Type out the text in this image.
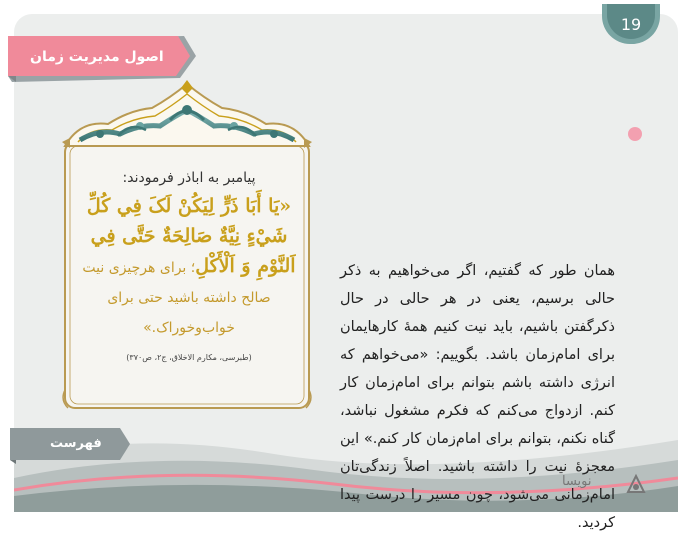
19
اصول مدیریت زمان
پیامبر به اباذر فرمودند:
«یَا أَبَا ذَرٍّ لِیَکُنْ لَکَ فِي کُلِّ شَيْءٍ نِیَّةٌ صَالِحَةٌ حَتَّی فِي اَلنَّوْمِ وَ اَلْأَکْلِ؛ برای هرچیزی نیت صالح داشته باشید حتی برای خواب‌وخوراک.»
(طبرسی، مکارم الاخلاق، ج۲، ص۳۷۰)
فهرست
همان طور که گفتیم، اگر می‌خواهیم به ذکر حالی برسیم، یعنی در هر حالی در حال ذکرگفتن باشیم، باید نیت کنیم همهٔ کارهایمان برای امام‌زمان باشد. بگوییم: «می‌خواهم که انرژی داشته باشم بتوانم برای امام‌زمان کار کنم. ازدواج می‌کنم که فکرم مشغول نباشد، گناه نکنم، بتوانم برای امام‌زمان کار کنم.» این معجزهٔ نیت را داشته باشید. اصلاً زندگی‌تان امام‌زمانی می‌شود، چون مسیر را درست پیدا کردید.
نویسا
